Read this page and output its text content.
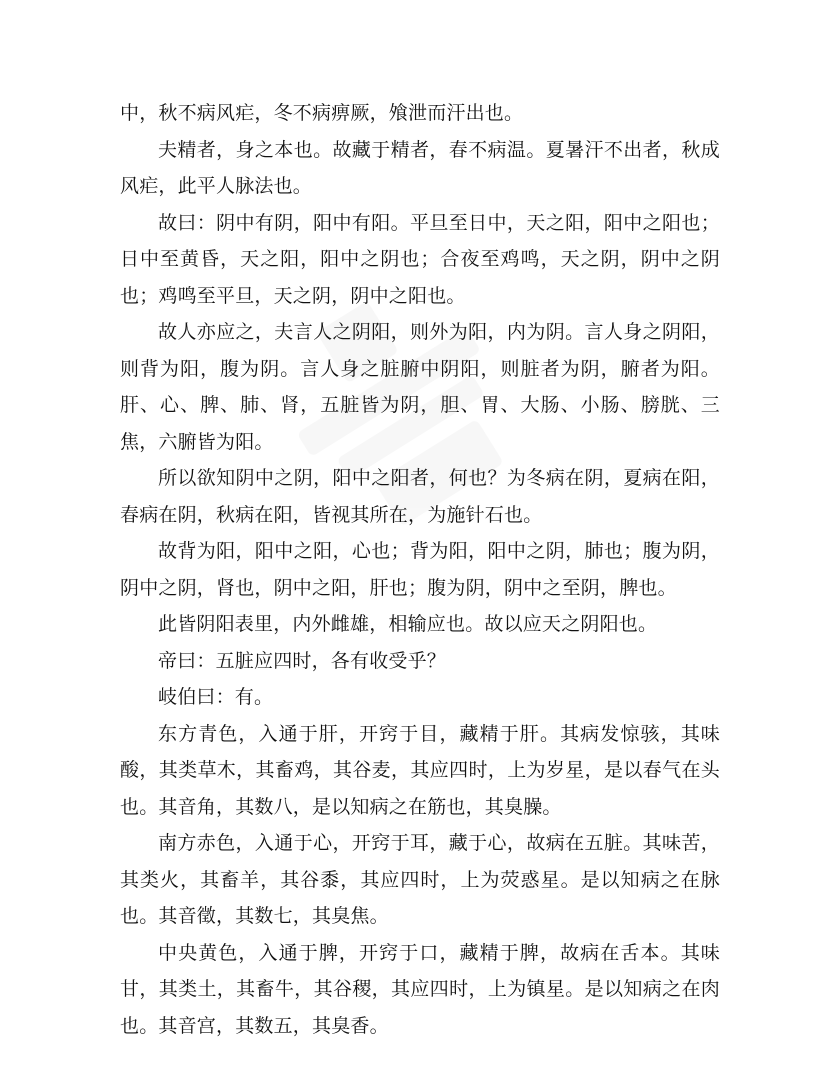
中，秋不病风疟，冬不病痹厥，飧泄而汗出也。

夫精者，身之本也。故藏于精者，春不病温。夏暑汗不出者，秋成风疟，此平人脉法也。

故曰：阴中有阴，阳中有阳。平旦至日中，天之阳，阳中之阳也；日中至黄昏，天之阳，阳中之阴也；合夜至鸡鸣，天之阴，阴中之阴也；鸡鸣至平旦，天之阴，阴中之阳也。

故人亦应之，夫言人之阴阳，则外为阳，内为阴。言人身之阴阳，则背为阳，腹为阴。言人身之脏腑中阴阳，则脏者为阴，腑者为阳。肝、心、脾、肺、肾，五脏皆为阴，胆、胃、大肠、小肠、膀胱、三焦，六腑皆为阳。

所以欲知阴中之阴，阳中之阳者，何也？为冬病在阴，夏病在阳，春病在阴，秋病在阳，皆视其所在，为施针石也。

故背为阳，阳中之阳，心也；背为阳，阳中之阴，肺也；腹为阴，阴中之阴，肾也，阴中之阳，肝也；腹为阴，阴中之至阴，脾也。

此皆阴阳表里，内外雌雄，相输应也。故以应天之阴阳也。

帝曰：五脏应四时，各有收受乎？

岐伯曰：有。

东方青色，入通于肝，开窍于目，藏精于肝。其病发惊骇，其味酸，其类草木，其畜鸡，其谷麦，其应四时，上为岁星，是以春气在头也。其音角，其数八，是以知病之在筋也，其臭臊。

南方赤色，入通于心，开窍于耳，藏于心，故病在五脏。其味苦，其类火，其畜羊，其谷黍，其应四时，上为荧惑星。是以知病之在脉也。其音徵，其数七，其臭焦。

中央黄色，入通于脾，开窍于口，藏精于脾，故病在舌本。其味甘，其类土，其畜牛，其谷稷，其应四时，上为镇星。是以知病之在肉也。其音宫，其数五，其臭香。
